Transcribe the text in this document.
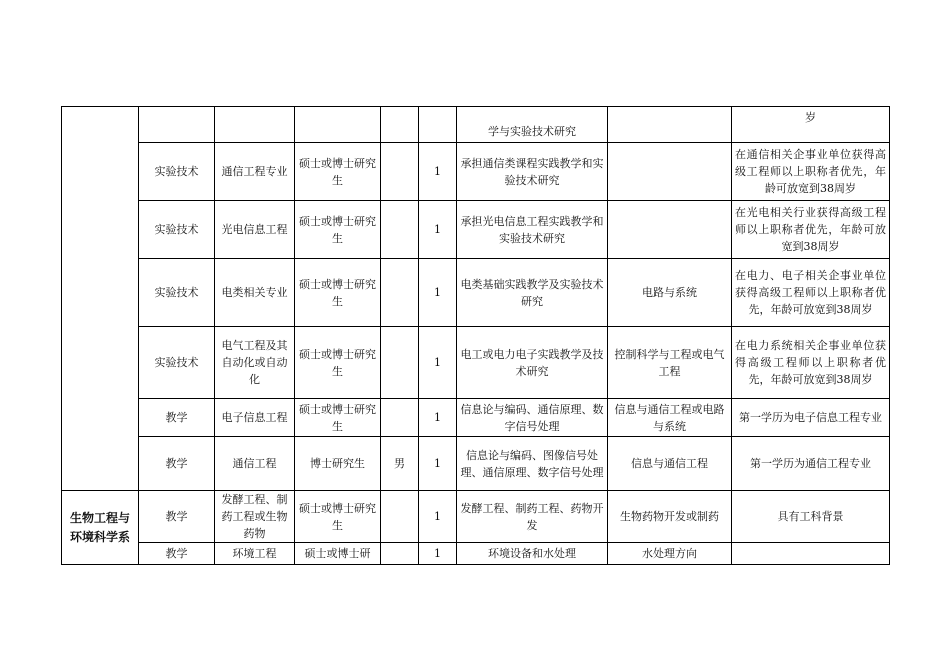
						学与实验技术研究		岁
	实验技术	通信工程专业	硕士或博士研究生		1	承担通信类课程实践教学和实验技术研究		在通信相关企事业单位获得高级工程师以上职称者优先，年龄可放宽到38周岁
	实验技术	光电信息工程	硕士或博士研究生		1	承担光电信息工程实践教学和实验技术研究		在光电相关行业获得高级工程师以上职称者优先，年龄可放宽到38周岁
	实验技术	电类相关专业	硕士或博士研究生		1	电类基础实践教学及实验技术研究	电路与系统	在电力、电子相关企事业单位获得高级工程师以上职称者优先，年龄可放宽到38周岁
	实验技术	电气工程及其自动化或自动化	硕士或博士研究生		1	电工或电力电子实践教学及技术研究	控制科学与工程或电气工程	在电力系统相关企事业单位获得高级工程师以上职称者优先，年龄可放宽到38周岁
	教学	电子信息工程	硕士或博士研究生		1	信息论与编码、通信原理、数字信号处理	信息与通信工程或电路与系统	第一学历为电子信息工程专业
	教学	通信工程	博士研究生	男	1	信息论与编码、图像信号处理、通信原理、数字信号处理	信息与通信工程	第一学历为通信工程专业
生物工程与环境科学系	教学	发酵工程、制药工程或生物药物	硕士或博士研究生		1	发酵工程、制药工程、药物开发	生物药物开发或制药	具有工科背景
	教学	环境工程	硕士或博士研		1	环境设备和水处理	水处理方向	
